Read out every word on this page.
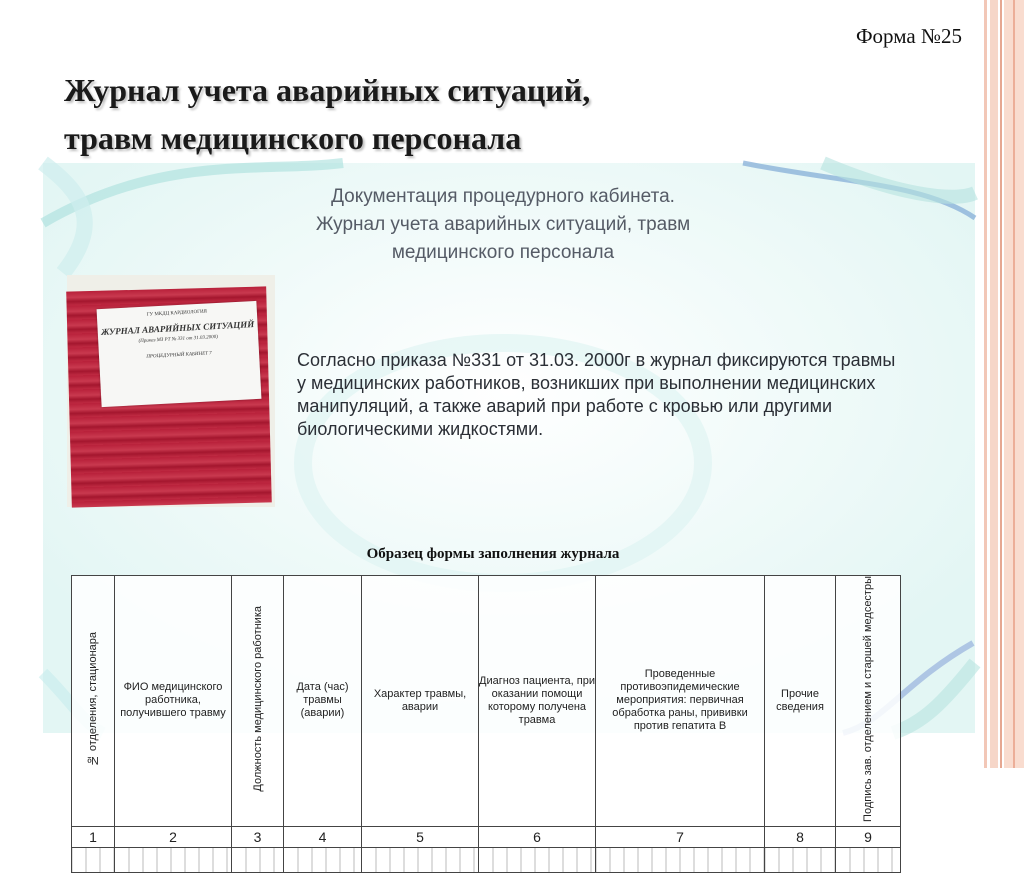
Форма №25
Журнал учета аварийных ситуаций,
травм медицинского персонала
Документация процедурного кабинета.
Журнал учета аварийных ситуаций, травм
медицинского персонала
ГУ МКДЦ КАРДИОЛОГИЯ
ЖУРНАЛ АВАРИЙНЫХ СИТУАЦИЙ
(Приказ МЗ РТ № 331 от 31.03.2000)
ПРОЦЕДУРНЫЙ КАБИНЕТ 7	Согласно приказа №331 от 31.03. 2000г в журнал фиксируются травмы
у медицинских работников, возникших при выполнении медицинских
манипуляций, а также аварий при работе с кровью или другими
биологическими жидкостями.
Образец формы заполнения журнала
№ отделения, стационара	ФИО медицинского работника, получившего травму	Должность медицинского работника	Дата (час) травмы (аварии)	Характер травмы, аварии	Диагноз пациента, при оказании помощи которому получена травма	Проведенные противоэпидемические мероприятия: первичная обработка раны, прививки против гепатита В	Прочие сведения	Подпись зав. отделением и старшей медсестры
1	2	3	4	5	6	7	8	9
